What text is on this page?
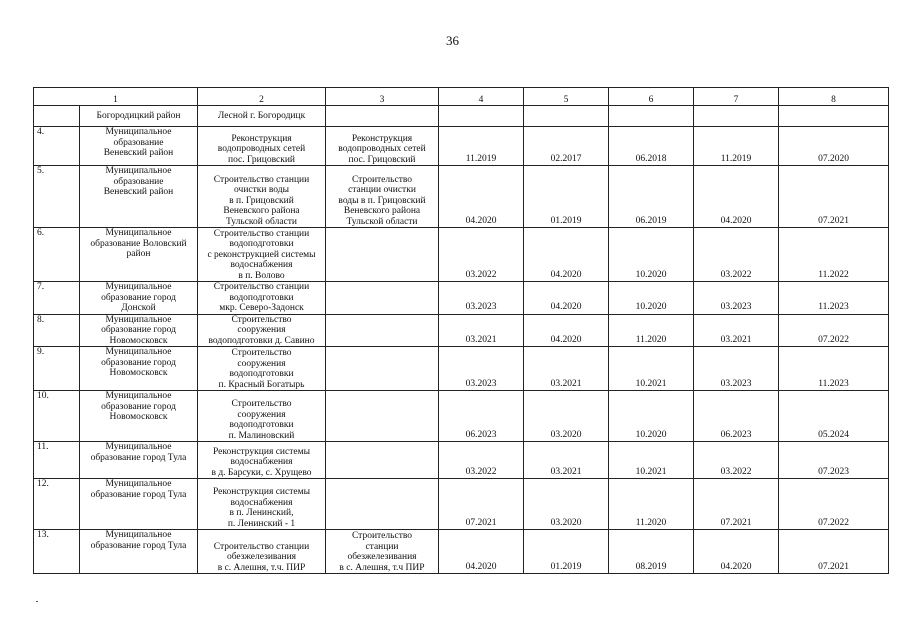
36
1		2	3	4	5	6	7	8
	Богородицкий район	Лесной г. Богородицк						
4.	Муниципальное
образование
Веневский район	Реконструкция
водопроводных сетей
пос. Грицовский	Реконструкция
водопроводных сетей
пос. Грицовский	11.2019	02.2017	06.2018	11.2019	07.2020
5.	Муниципальное
образование
Веневский район	Строительство станции
очистки воды
в п. Грицовский
Веневского района
Тульской области	Строительство
станции очистки
воды в п. Грицовский
Веневского района
Тульской области	04.2020	01.2019	06.2019	04.2020	07.2021
6.	Муниципальное
образование Воловский
район	Строительство станции
водоподготовки
с реконструкцией системы
водоснабжения
в п. Волово		03.2022	04.2020	10.2020	03.2022	11.2022
7.	Муниципальное
образование город
Донской	Строительство станции
водоподготовки
мкр. Северо-Задонск		03.2023	04.2020	10.2020	03.2023	11.2023
8.	Муниципальное
образование город
Новомосковск	Строительство
сооружения
водоподготовки д. Савино		03.2021	04.2020	11.2020	03.2021	07.2022
9.	Муниципальное
образование город
Новомосковск	Строительство
сооружения
водоподготовки
п. Красный Богатырь		03.2023	03.2021	10.2021	03.2023	11.2023
10.	Муниципальное
образование город
Новомосковск	Строительство
сооружения
водоподготовки
п. Малиновский		06.2023	03.2020	10.2020	06.2023	05.2024
11.	Муниципальное
образование город Тула	Реконструкция системы
водоснабжения
в д. Барсуки, с. Хрущево		03.2022	03.2021	10.2021	03.2022	07.2023
12.	Муниципальное
образование город Тула	Реконструкция системы
водоснабжения
в п. Ленинский,
п. Ленинский - 1		07.2021	03.2020	11.2020	07.2021	07.2022
13.	Муниципальное
образование город Тула	Строительство станции
обезжелезивания
в с. Алешня, т.ч. ПИР	Строительство
станции
обезжелезивания
в с. Алешня, т.ч ПИР	04.2020	01.2019	08.2019	04.2020	07.2021
